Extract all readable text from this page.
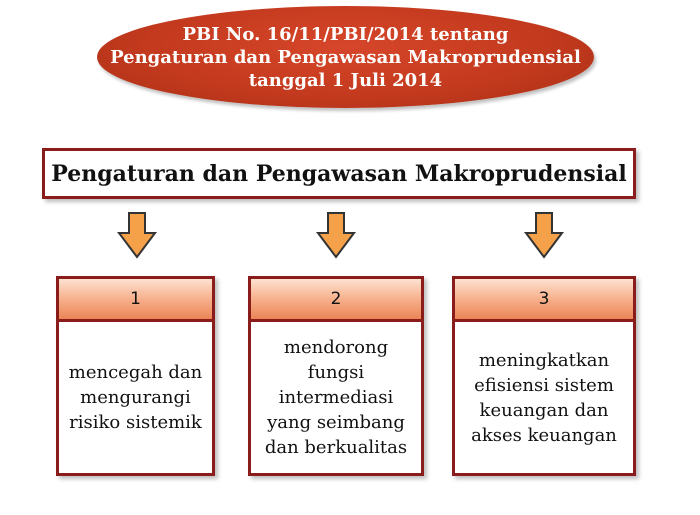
PBI No. 16/11/PBI/2014 tentang
Pengaturan dan Pengawasan Makroprudensial
tanggal 1 Juli 2014
Pengaturan dan Pengawasan Makroprudensial
1
mencegah dan
mengurangi
risiko sistemik
2
mendorong
fungsi
intermediasi
yang seimbang
dan berkualitas
3
meningkatkan
efisiensi sistem
keuangan dan
akses keuangan
